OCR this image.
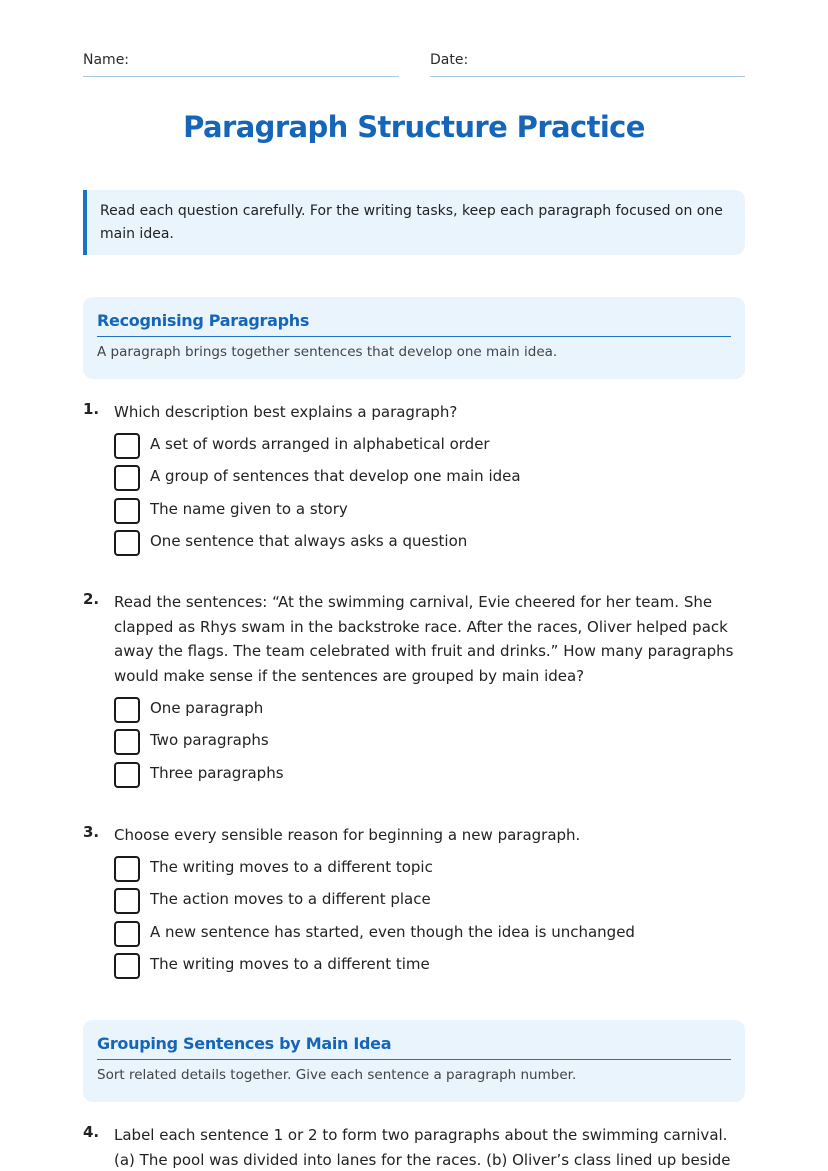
Name:	Date:
Paragraph Structure Practice
Read each question carefully. For the writing tasks, keep each paragraph focused on one main idea.
Recognising Paragraphs
A paragraph brings together sentences that develop one main idea.
1. Which description best explains a paragraph?
A set of words arranged in alphabetical order
A group of sentences that develop one main idea
The name given to a story
One sentence that always asks a question
2. Read the sentences: “At the swimming carnival, Evie cheered for her team. She clapped as Rhys swam in the backstroke race. After the races, Oliver helped pack away the flags. The team celebrated with fruit and drinks.” How many paragraphs would make sense if the sentences are grouped by main idea?
One paragraph
Two paragraphs
Three paragraphs
3. Choose every sensible reason for beginning a new paragraph.
The writing moves to a different topic
The action moves to a different place
A new sentence has started, even though the idea is unchanged
The writing moves to a different time
Grouping Sentences by Main Idea
Sort related details together. Give each sentence a paragraph number.
4. Label each sentence 1 or 2 to form two paragraphs about the swimming carnival. (a) The pool was divided into lanes for the races. (b) Oliver’s class lined up beside
